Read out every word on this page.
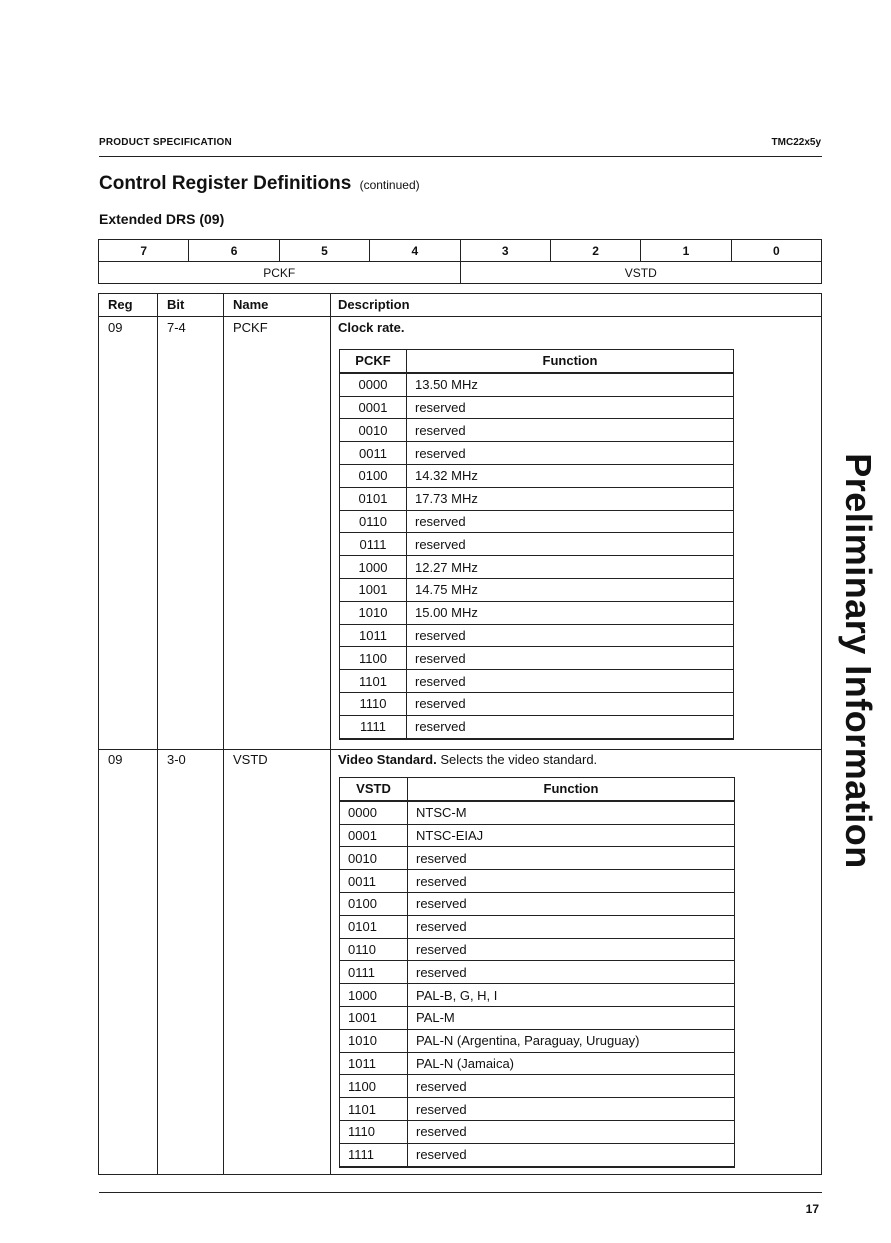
PRODUCT SPECIFICATION	TMC22x5y
Control Register Definitions (continued)
Extended DRS (09)
7	6	5	4	3	2	1	0
PCKF				VSTD			
Reg	Bit	Name	Description
09	7-4	PCKF	Clock rate.
PCKF	Function
0000	13.50 MHz
0001	reserved
0010	reserved
0011	reserved
0100	14.32 MHz
0101	17.73 MHz
0110	reserved
0111	reserved
1000	12.27 MHz
1001	14.75 MHz
1010	15.00 MHz
1011	reserved
1100	reserved
1101	reserved
1110	reserved
1111	reserved
09	3-0	VSTD	Video Standard. Selects the video standard.
VSTD	Function
0000	NTSC-M
0001	NTSC-EIAJ
0010	reserved
0011	reserved
0100	reserved
0101	reserved
0110	reserved
0111	reserved
1000	PAL-B, G, H, I
1001	PAL-M
1010	PAL-N (Argentina, Paraguay, Uruguay)
1011	PAL-N (Jamaica)
1100	reserved
1101	reserved
1110	reserved
1111	reserved
Preliminary Information
17
